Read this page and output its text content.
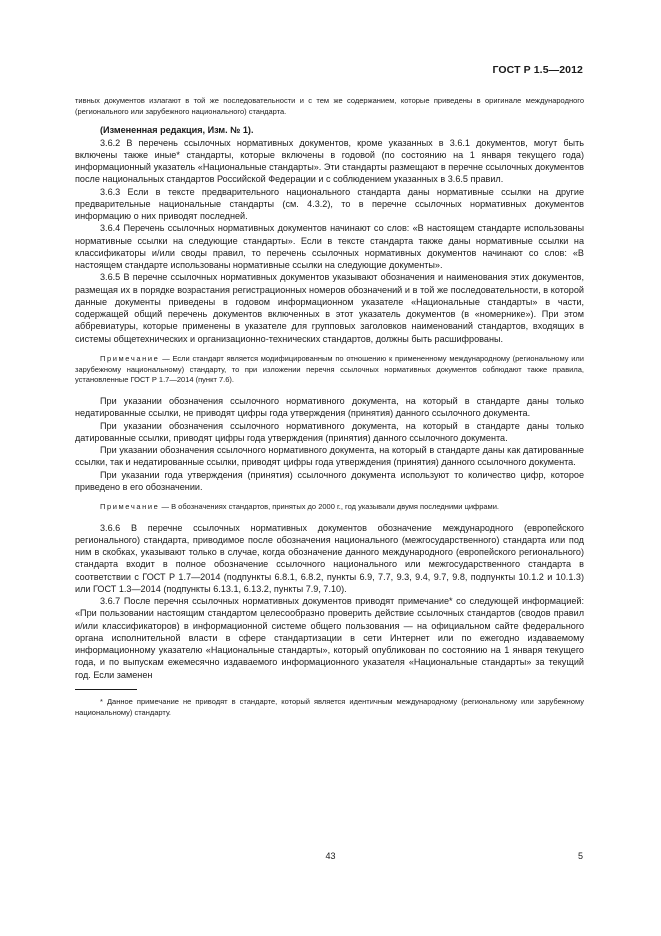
ГОСТ Р 1.5—2012

тивных документов излагают в той же последовательности и с тем же содержанием, которые приведены в оригинале международного (регионального или зарубежного национального) стандарта.

(Измененная редакция, Изм. № 1).

3.6.2 В перечень ссылочных нормативных документов, кроме указанных в 3.6.1 документов, могут быть включены также иные* стандарты, которые включены в годовой (по состоянию на 1 января текущего года) информационный указатель «Национальные стандарты». Эти стандарты размещают в перечне ссылочных документов после национальных стандартов Российской Федерации и с соблюдением указанных в 3.6.5 правил.

3.6.3 Если в тексте предварительного национального стандарта даны нормативные ссылки на другие предварительные национальные стандарты (см. 4.3.2), то в перечне ссылочных нормативных документов информацию о них приводят последней.

3.6.4 Перечень ссылочных нормативных документов начинают со слов: «В настоящем стандарте использованы нормативные ссылки на следующие стандарты». Если в тексте стандарта также даны нормативные ссылки на классификаторы и/или своды правил, то перечень ссылочных нормативных документов начинают со слов: «В настоящем стандарте использованы нормативные ссылки на следующие документы».

3.6.5 В перечне ссылочных нормативных документов указывают обозначения и наименования этих документов, размещая их в порядке возрастания регистрационных номеров обозначений и в той же последовательности, в которой данные документы приведены в годовом информационном указателе «Национальные стандарты» в части, содержащей общий перечень документов включенных в этот указатель документов (в «номернике»). При этом аббревиатуры, которые применены в указателе для групповых заголовков наименований стандартов, входящих в системы общетехнических и организационно-технических стандартов, должны быть расшифрованы.

Примечание — Если стандарт является модифицированным по отношению к примененному международному (региональному или зарубежному национальному) стандарту, то при изложении перечня ссылочных нормативных документов соблюдают также правила, установленные ГОСТ Р 1.7—2014 (пункт 7.6).

При указании обозначения ссылочного нормативного документа, на который в стандарте даны только недатированные ссылки, не приводят цифры года утверждения (принятия) данного ссылочного документа.

При указании обозначения ссылочного нормативного документа, на который в стандарте даны только датированные ссылки, приводят цифры года утверждения (принятия) данного ссылочного документа.

При указании обозначения ссылочного нормативного документа, на который в стандарте даны как датированные ссылки, так и недатированные ссылки, приводят цифры года утверждения (принятия) данного ссылочного документа.

При указании года утверждения (принятия) ссылочного документа используют то количество цифр, которое приведено в его обозначении.

Примечание — В обозначениях стандартов, принятых до 2000 г., год указывали двумя последними цифрами.

3.6.6 В перечне ссылочных нормативных документов обозначение международного (европейского регионального) стандарта, приводимое после обозначения национального (межгосударственного) стандарта или под ним в скобках, указывают только в случае, когда обозначение данного международного (европейского регионального) стандарта входит в полное обозначение ссылочного национального или межгосударственного стандарта в соответствии с ГОСТ Р 1.7—2014 (подпункты 6.8.1, 6.8.2, пункты 6.9, 7.7, 9.3, 9.4, 9.7, 9.8, подпункты 10.1.2 и 10.1.3) или ГОСТ 1.3—2014 (подпункты 6.13.1, 6.13.2, пункты 7.9, 7.10).

3.6.7 После перечня ссылочных нормативных документов приводят примечание* со следующей информацией: «При пользовании настоящим стандартом целесообразно проверить действие ссылочных стандартов (сводов правил и/или классификаторов) в информационной системе общего пользования — на официальном сайте федерального органа исполнительной власти в сфере стандартизации в сети Интернет или по ежегодно издаваемому информационному указателю «Национальные стандарты», который опубликован по состоянию на 1 января текущего года, и по выпускам ежемесячно издаваемого информационного указателя «Национальные стандарты» за текущий год. Если заменен

* Данное примечание не приводят в стандарте, который является идентичным международному (региональному или зарубежному национальному) стандарту.

43	5
